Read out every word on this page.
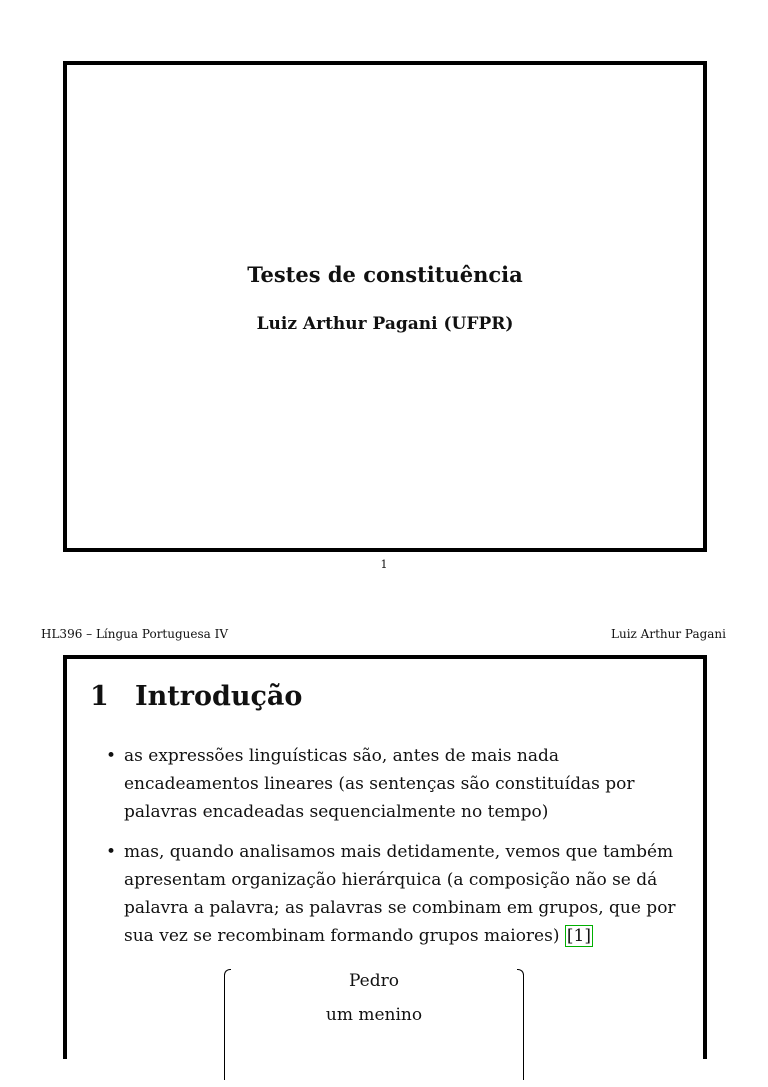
Testes de constituência
Luiz Arthur Pagani (UFPR)
1
HL396 – Língua Portuguesa IV	Luiz Arthur Pagani
1 Introdução
• as expressões linguísticas são, antes de mais nada encadeamentos lineares (as sentenças são constituídas por palavras encadeadas sequencialmente no tempo)
• mas, quando analisamos mais detidamente, vemos que também apresentam organização hierárquica (a composição não se dá palavra a palavra; as palavras se combinam em grupos, que por sua vez se recombinam formando grupos maiores) [1]
Pedro
um menino
